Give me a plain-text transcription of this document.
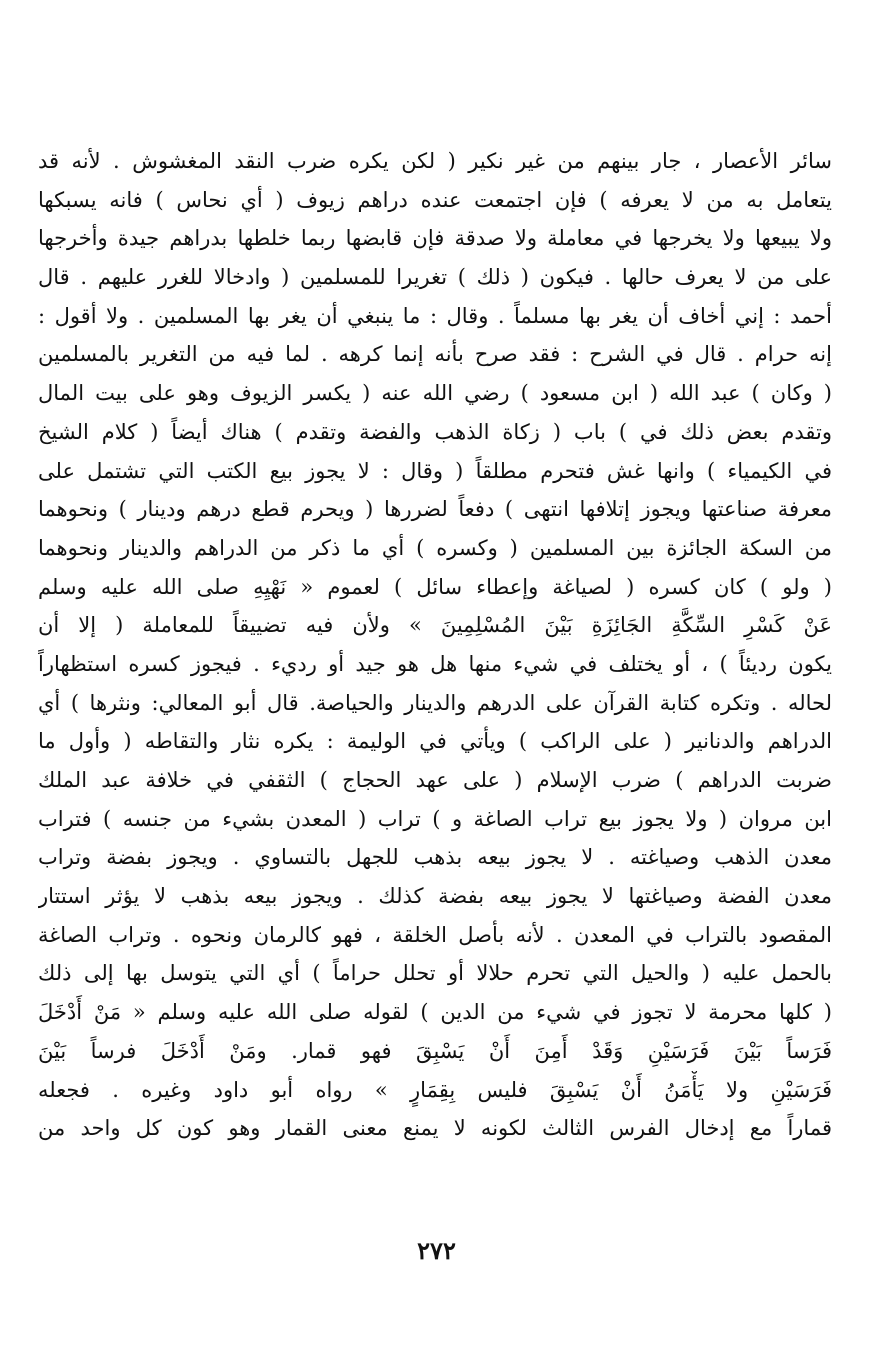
سائر الأعصار ، جار بينهم من غير نكير ( لكن يكره ضرب النقد المغشوش . لأنه قد
يتعامل به من لا يعرفه ) فإن اجتمعت عنده دراهم زيوف ( أي نحاس ) فانه يسبكها
ولا يبيعها ولا يخرجها في معاملة ولا صدقة فإن قابضها ربما خلطها بدراهم جيدة وأخرجها
على من لا يعرف حالها . فيكون ( ذلك ) تغريرا للمسلمين ( وادخالا للغرر عليهم . قال
أحمد : إني أخاف أن يغر بها مسلماً . وقال : ما ينبغي أن يغر بها المسلمين . ولا أقول :
إنه حرام . قال في الشرح : فقد صرح بأنه إنما كرهه . لما فيه من التغرير بالمسلمين
( وكان ) عبد الله ( ابن مسعود ) رضي الله عنه ( يكسر الزيوف وهو على بيت المال
وتقدم بعض ذلك في ) باب ( زكاة الذهب والفضة وتقدم ) هناك أيضاً ( كلام الشيخ
في الكيمياء ) وانها غش فتحرم مطلقاً ( وقال : لا يجوز بيع الكتب التي تشتمل على
معرفة صناعتها ويجوز إتلافها انتهى ) دفعاً لضررها ( ويحرم قطع درهم ودينار ) ونحوهما
من السكة الجائزة بين المسلمين ( وكسره ) أي ما ذكر من الدراهم والدينار ونحوهما
( ولو ) كان كسره ( لصياغة وإعطاء سائل ) لعموم « نَهْيِهِ صلى الله عليه وسلم
عَنْ كَسْرِ السِّكَّةِ الجَائِزَةِ بَيْنَ المُسْلِمِينَ » ولأن فيه تضييقاً للمعاملة ( إلا أن
يكون رديئاً ) ، أو يختلف في شيء منها هل هو جيد أو رديء . فيجوز كسره استظهاراً
لحاله . وتكره كتابة القرآن على الدرهم والدينار والحياصة. قال أبو المعالي: ونثرها ) أي
الدراهم والدنانير ( على الراكب ) ويأتي في الوليمة : يكره نثار والتقاطه ( وأول ما
ضربت الدراهم ) ضرب الإسلام ( على عهد الحجاج ) الثقفي في خلافة عبد الملك
ابن مروان ( ولا يجوز بيع تراب الصاغة و ) تراب ( المعدن بشيء من جنسه ) فتراب
معدن الذهب وصياغته . لا يجوز بيعه بذهب للجهل بالتساوي . ويجوز بفضة وتراب
معدن الفضة وصياغتها لا يجوز بيعه بفضة كذلك . ويجوز بيعه بذهب لا يؤثر استتار
المقصود بالتراب في المعدن . لأنه بأصل الخلقة ، فهو كالرمان ونحوه . وتراب الصاغة
بالحمل عليه ( والحيل التي تحرم حلالا أو تحلل حراماً ) أي التي يتوسل بها إلى ذلك
( كلها محرمة لا تجوز في شيء من الدين ) لقوله صلى الله عليه وسلم « مَنْ أَدْخَلَ
فَرَساً بَيْنَ فَرَسَيْنِ وَقَدْ أَمِنَ أَنْ يَسْبِقَ فهو قمار. ومَنْ أَدْخَلَ فرساً بَيْنَ
فَرَسَيْنِ ولا يَأْمَنُ أَنْ يَسْبِقَ فليس بِقِمَارٍ » رواه أبو داود وغيره . فجعله
قماراً مع إدخال الفرس الثالث لكونه لا يمنع معنى القمار وهو كون كل واحد من
٢٧٢
